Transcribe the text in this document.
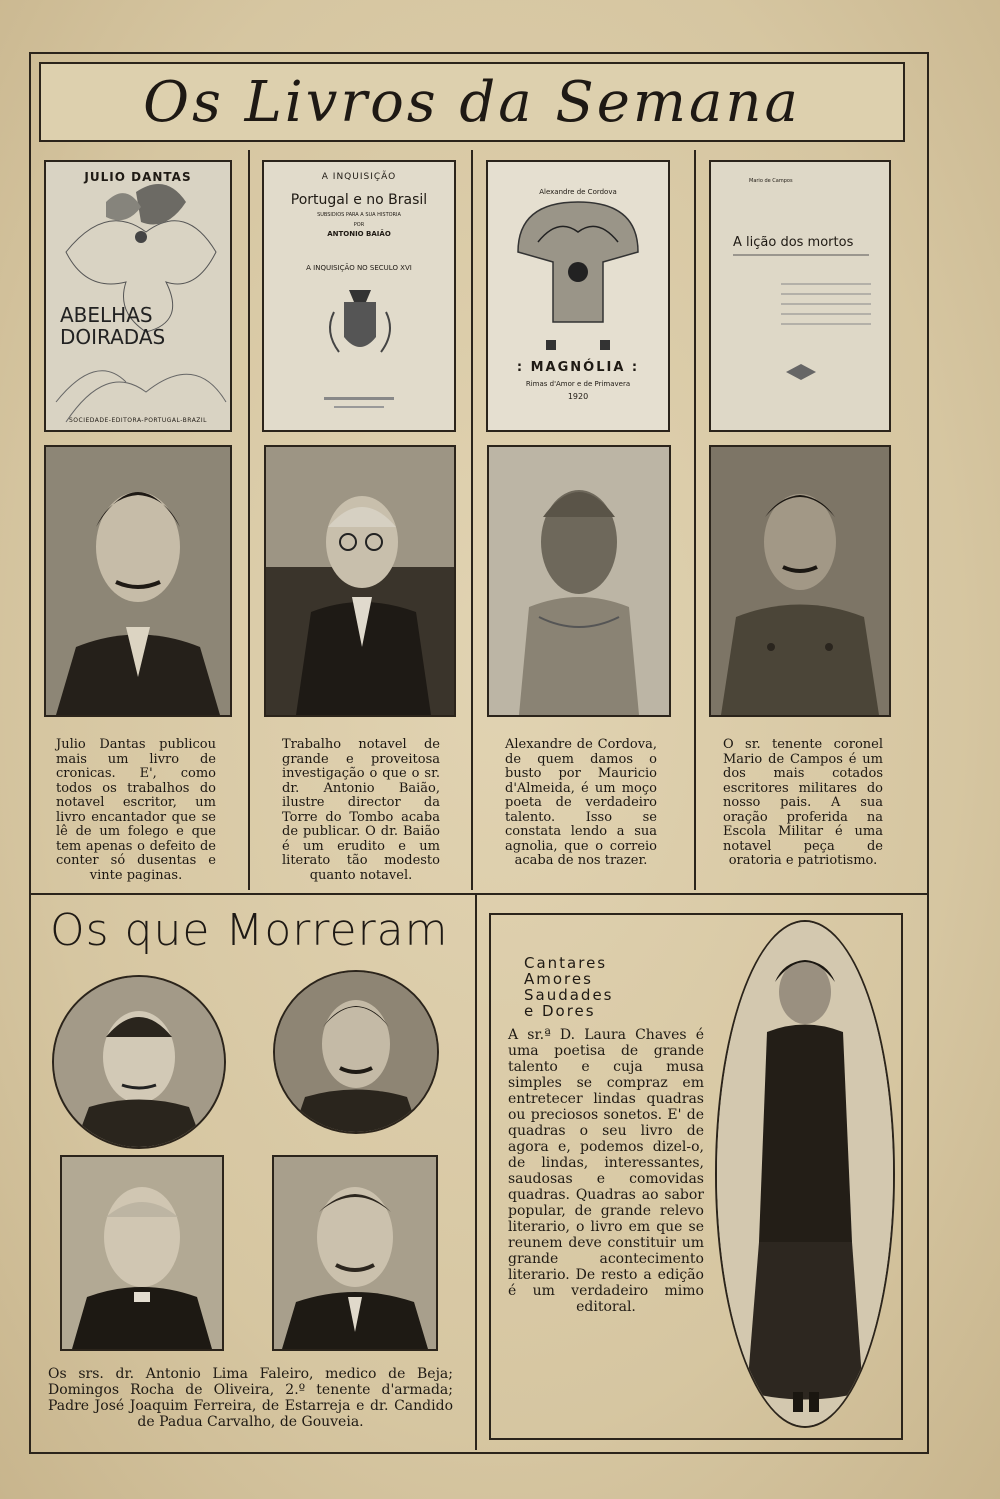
Os Livros da Semana
JULIO DANTAS
ABELHAS
DOIRADAS
SOCIEDADE-EDITORA-PORTUGAL-BRAZIL
A INQUISIÇÃO
Portugal e no Brasil
SUBSIDIOS PARA A SUA HISTORIA
POR
ANTONIO BAIÃO
A INQUISIÇÃO NO SECULO XVI
Alexandre de Cordova
: MAGNÓLIA :
Rimas d'Amor e de Primavera
1920
Mario de Campos
A lição dos mortos
Julio Dantas publicou mais um livro de cronicas. E', como todos os trabalhos do notavel escritor, um livro encantador que se lê de um folego e que tem apenas o defeito de conter só dusentas e vinte paginas.
Trabalho notavel de grande e proveitosa investigação o que o sr. dr. Antonio Baião, ilustre director da Torre do Tombo acaba de publicar. O dr. Baião é um erudito e um literato tão modesto quanto notavel.
Alexandre de Cordova, de quem damos o busto por Mauricio d'Almeida, é um moço poeta de verdadeiro talento. Isso se constata lendo a sua agnolia, que o correio acaba de nos trazer.
O sr. tenente coronel Mario de Campos é um dos mais cotados escritores militares do nosso pais. A sua oração proferida na Escola Militar é uma notavel peça de oratoria e patriotismo.
Os que Morreram
Os srs. dr. Antonio Lima Faleiro, medico de Beja; Domingos Rocha de Oliveira, 2.º tenente d'armada; Padre José Joaquim Ferreira, de Estarreja e dr. Candido de Padua Carvalho, de Gouveia.
Cantares
Amores
Saudades
e Dores
A sr.ª D. Laura Chaves é uma poetisa de grande talento e cuja musa simples se compraz em entretecer lindas quadras ou preciosos sonetos. E' de quadras o seu livro de agora e, podemos dizel-o, de lindas, interessantes, saudosas e comovidas quadras. Quadras ao sabor popular, de grande relevo literario, o livro em que se reunem deve constituir um grande acontecimento literario. De resto a edição é um verdadeiro mimo editoral.
